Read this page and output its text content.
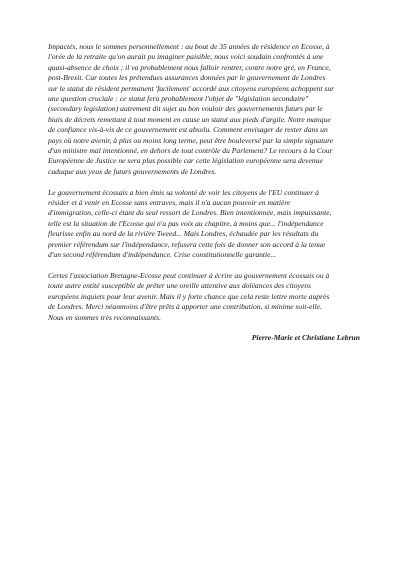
Impactés, nous le sommes personnellement : au bout de 35 années de résidence en Ecosse, à
l'orée de la retraite qu'on aurait pu imaginer paisible, nous voici soudain confrontés à une
quasi-absence de choix ; il va probablement nous falloir rentrer, contre notre gré, en France,
post-Brexit. Car toutes les prétendues assurances données par le gouvernement de Londres
sur le statut de résident permanent 'facilement' accordé aux citoyens européens achoppent sur
une question cruciale : ce statut fera probablement l'objet de "législation secondaire"
(secondary legislation) autrement dit sujet au bon vouloir des gouvernements futurs par le
biais de décrets remettant à tout moment en cause un statut aux pieds d'argile. Notre manque
de confiance vis-à-vis de ce gouvernement est absolu. Comment envisager de rester dans un
pays où notre avenir, à plus ou moins long terme, peut être bouleversé par la simple signature
d'un ministre mal intentionné, en dehors de tout contrôle du Parlement? Le recours à la Cour
Européenne de Justice ne sera plus possible car cette législation européenne sera devenue
caduque aux yeux de futurs gouvernements de Londres.

Le gouvernement écossais a bien émis sa volonté de voir les citoyens de l'EU continuer à
résider et à venir en Ecosse sans entraves, mais il n'a aucun pouvoir en matière
d'immigration, celle-ci étant du seul ressort de Londres. Bien intentionnée, mais impuissante,
telle est la situation de l'Ecosse qui n'a pas voix au chapitre, à moins que... l'indépendance
fleurisse enfin au nord de la rivière Tweed... Mais Londres, échaudée par les résultats du
premier référendum sur l'indépendance, refusera cette fois de donner son accord à la tenue
d'un second référendum d'indépendance. Crise constitutionnelle garantie...

Certes l'association Bretagne-Ecosse peut continuer à écrire au gouvernement écossais ou à
toute autre entité susceptible de prêter une oreille attentive aux doléances des citoyens
européens inquiets pour leur avenir. Mais il y forte chance que cela reste lettre morte auprès
de Londres. Merci néanmoins d'être prêts à apporter une contribution, si minime soit-elle.
Nous en sommes très reconnaissants.

Pierre-Marie et Christiane Lebrun
